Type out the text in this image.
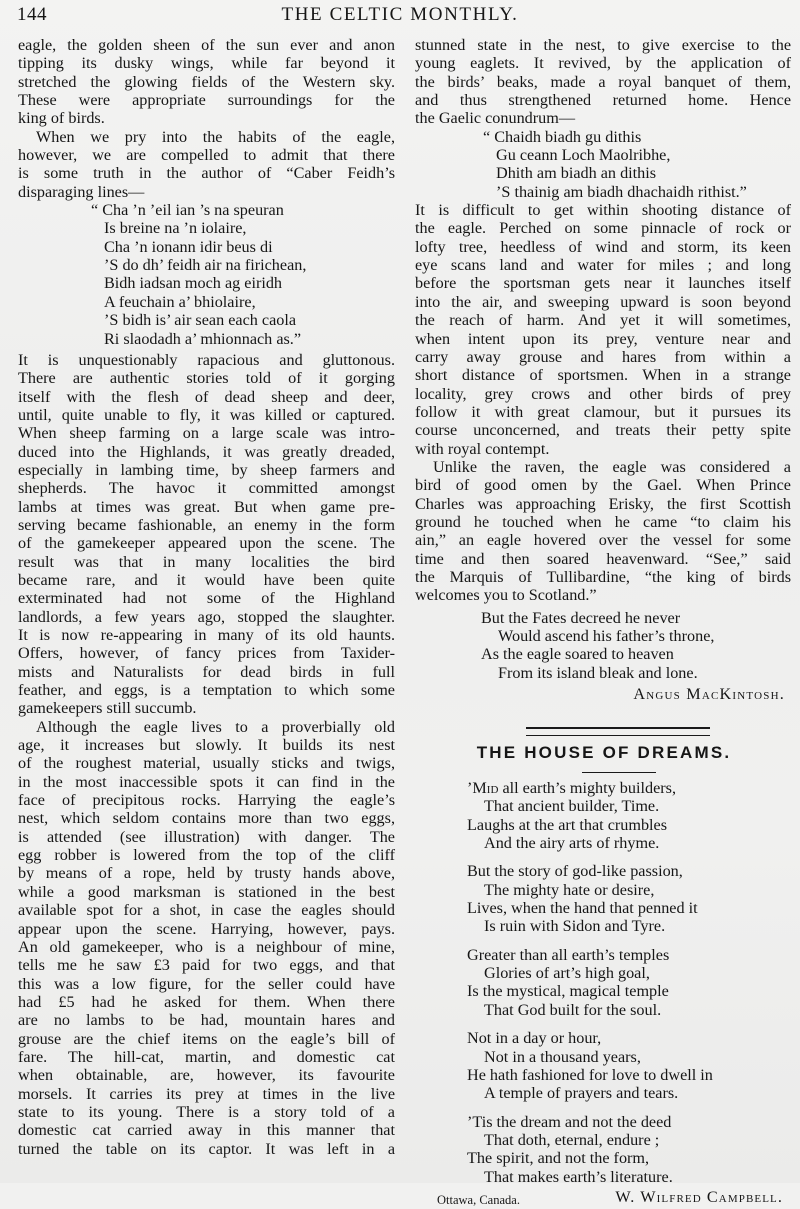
144	THE CELTIC MONTHLY.
eagle, the golden sheen of the sun ever and anon
tipping its dusky wings, while far beyond it
stretched the glowing fields of the Western sky.
These were appropriate surroundings for the
king of birds.
When we pry into the habits of the eagle,
however, we are compelled to admit that there
is some truth in the author of “Caber Feidh’s
disparaging lines—
“ Cha ’n ’eil ian ’s na speuran
Is breine na ’n iolaire,
Cha ’n ionann idir beus di
’S do dh’ feidh air na firichean,
Bidh iadsan moch ag eiridh
A feuchain a’ bhiolaire,
’S bidh is’ air sean each caola
Ri slaodadh a’ mhionnach as.”
It is unquestionably rapacious and gluttonous.
There are authentic stories told of it gorging
itself with the flesh of dead sheep and deer,
until, quite unable to fly, it was killed or captured.
When sheep farming on a large scale was intro-
duced into the Highlands, it was greatly dreaded,
especially in lambing time, by sheep farmers and
shepherds. The havoc it committed amongst
lambs at times was great. But when game pre-
serving became fashionable, an enemy in the form
of the gamekeeper appeared upon the scene. The
result was that in many localities the bird
became rare, and it would have been quite
exterminated had not some of the Highland
landlords, a few years ago, stopped the slaughter.
It is now re-appearing in many of its old haunts.
Offers, however, of fancy prices from Taxider-
mists and Naturalists for dead birds in full
feather, and eggs, is a temptation to which some
gamekeepers still succumb.
Although the eagle lives to a proverbially old
age, it increases but slowly. It builds its nest
of the roughest material, usually sticks and twigs,
in the most inaccessible spots it can find in the
face of precipitous rocks. Harrying the eagle’s
nest, which seldom contains more than two eggs,
is attended (see illustration) with danger. The
egg robber is lowered from the top of the cliff
by means of a rope, held by trusty hands above,
while a good marksman is stationed in the best
available spot for a shot, in case the eagles should
appear upon the scene. Harrying, however, pays.
An old gamekeeper, who is a neighbour of mine,
tells me he saw £3 paid for two eggs, and that
this was a low figure, for the seller could have
had £5 had he asked for them. When there
are no lambs to be had, mountain hares and
grouse are the chief items on the eagle’s bill of
fare. The hill-cat, martin, and domestic cat
when obtainable, are, however, its favourite
morsels. It carries its prey at times in the live
state to its young. There is a story told of a
domestic cat carried away in this manner that
turned the table on its captor. It was left in a
stunned state in the nest, to give exercise to the
young eaglets. It revived, by the application of
the birds’ beaks, made a royal banquet of them,
and thus strengthened returned home. Hence
the Gaelic conundrum—
“ Chaidh biadh gu dithis
Gu ceann Loch Maolribhe,
Dhith am biadh an dithis
’S thainig am biadh dhachaidh rithist.”
It is difficult to get within shooting distance of
the eagle. Perched on some pinnacle of rock or
lofty tree, heedless of wind and storm, its keen
eye scans land and water for miles ; and long
before the sportsman gets near it launches itself
into the air, and sweeping upward is soon beyond
the reach of harm. And yet it will sometimes,
when intent upon its prey, venture near and
carry away grouse and hares from within a
short distance of sportsmen. When in a strange
locality, grey crows and other birds of prey
follow it with great clamour, but it pursues its
course unconcerned, and treats their petty spite
with royal contempt.
Unlike the raven, the eagle was considered a
bird of good omen by the Gael. When Prince
Charles was approaching Erisky, the first Scottish
ground he touched when he came “to claim his
ain,” an eagle hovered over the vessel for some
time and then soared heavenward. “See,” said
the Marquis of Tullibardine, “the king of birds
welcomes you to Scotland.”
But the Fates decreed he never
Would ascend his father’s throne,
As the eagle soared to heaven
From its island bleak and lone.
Angus MacKintosh.
THE HOUSE OF DREAMS.
’Mid all earth’s mighty builders,
That ancient builder, Time.
Laughs at the art that crumbles
And the airy arts of rhyme.
But the story of god-like passion,
The mighty hate or desire,
Lives, when the hand that penned it
Is ruin with Sidon and Tyre.
Greater than all earth’s temples
Glories of art’s high goal,
Is the mystical, magical temple
That God built for the soul.
Not in a day or hour,
Not in a thousand years,
He hath fashioned for love to dwell in
A temple of prayers and tears.
’Tis the dream and not the deed
That doth, eternal, endure ;
The spirit, and not the form,
That makes earth’s literature.
Ottawa, Canada.	W. Wilfred Campbell.
